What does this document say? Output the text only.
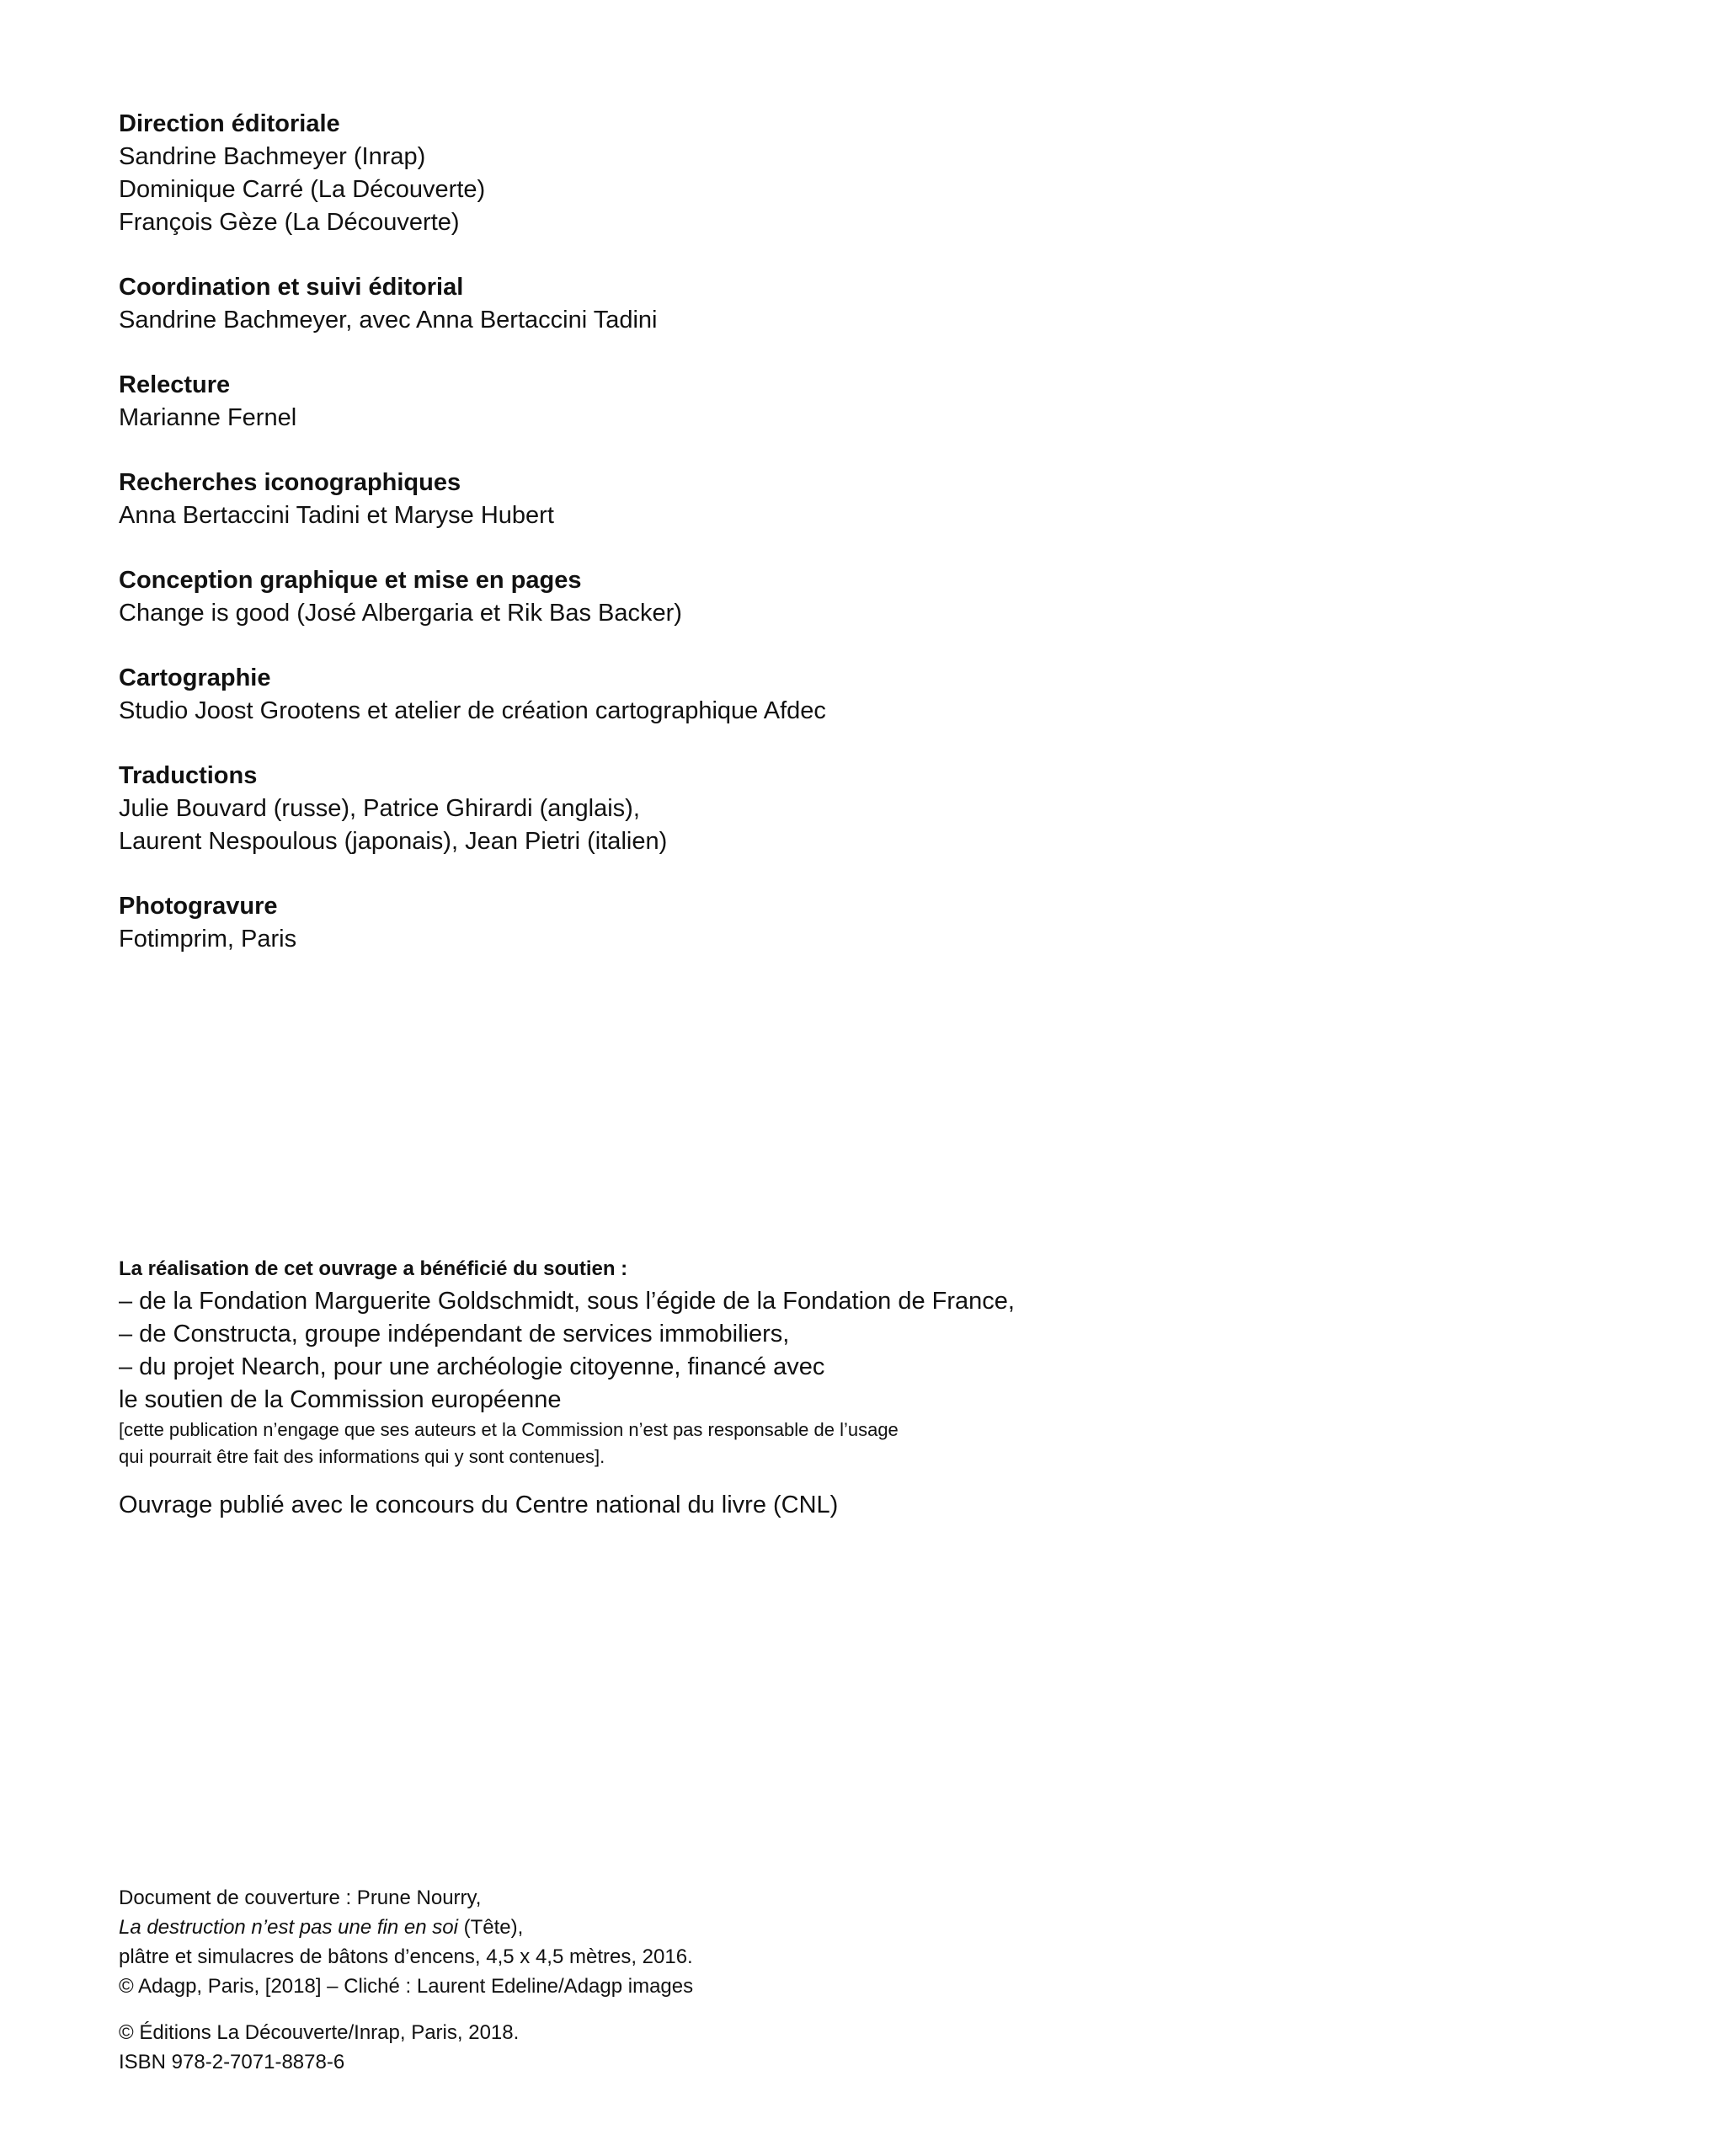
Direction éditoriale

Sandrine Bachmeyer (Inrap)

Dominique Carré (La Découverte)

François Gèze (La Découverte)

Coordination et suivi éditorial

Sandrine Bachmeyer, avec Anna Bertaccini Tadini

Relecture

Marianne Fernel

Recherches iconographiques

Anna Bertaccini Tadini et Maryse Hubert

Conception graphique et mise en pages

Change is good (José Albergaria et Rik Bas Backer)

Cartographie

Studio Joost Grootens et atelier de création cartographique Afdec

Traductions

Julie Bouvard (russe), Patrice Ghirardi (anglais),

Laurent Nespoulous (japonais), Jean Pietri (italien)

Photogravure

Fotimprim, Paris

La réalisation de cet ouvrage a bénéficié du soutien :

– de la Fondation Marguerite Goldschmidt, sous l’égide de la Fondation de France,

– de Constructa, groupe indépendant de services immobiliers,

– du projet Nearch, pour une archéologie citoyenne, financé avec

le soutien de la Commission européenne

[cette publication n’engage que ses auteurs et la Commission n’est pas responsable de l’usage

qui pourrait être fait des informations qui y sont contenues].

Ouvrage publié avec le concours du Centre national du livre (CNL)

Document de couverture : Prune Nourry,

La destruction n’est pas une fin en soi (Tête),

plâtre et simulacres de bâtons d’encens, 4,5 x 4,5 mètres, 2016.

© Adagp, Paris, [2018] – Cliché : Laurent Edeline/Adagp images

© Éditions La Découverte/Inrap, Paris, 2018.

ISBN 978-2-7071-8878-6
